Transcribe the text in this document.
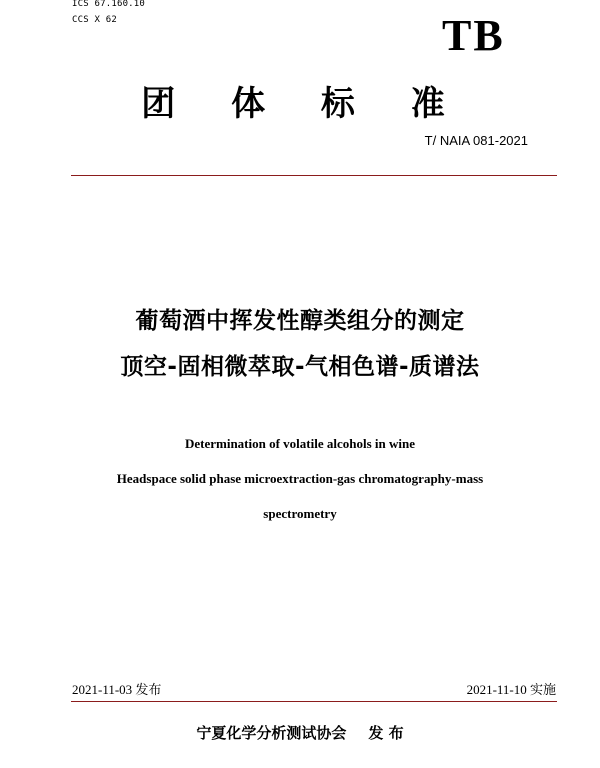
ICS 67.160.10
CCS X 62	TB
团 体 标 准
T/ NAIA 081-2021
葡萄酒中挥发性醇类组分的测定
顶空-固相微萃取-气相色谱-质谱法
Determination of volatile alcohols in wine
Headspace solid phase microextraction-gas chromatography-mass
spectrometry
2021-11-03 发布	2021-11-10 实施
宁夏化学分析测试协会 发 布
